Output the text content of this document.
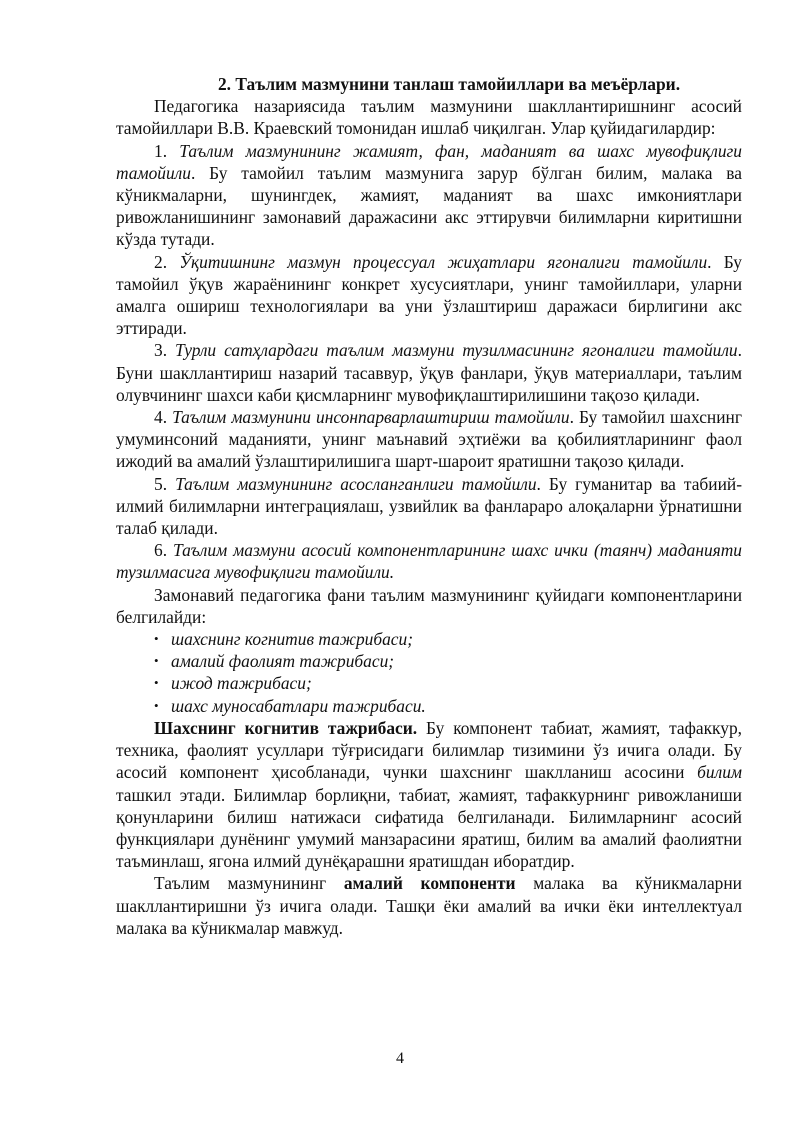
2. Таълим мазмунини танлаш тамойиллари ва меъёрлари.

Педагогика назариясида таълим мазмунини шакллантиришнинг асосий тамойиллари В.В. Краевский томонидан ишлаб чиқилган. Улар қуйидагилардир:

1. Таълим мазмунининг жамият, фан, маданият ва шахс мувофиқлиги тамойили. Бу тамойил таълим мазмунига зарур бўлган билим, малака ва кўникмаларни, шунингдек, жамият, маданият ва шахс имкониятлари ривожланишининг замонавий даражасини акс эттирувчи билимларни киритишни кўзда тутади.

2. Ўқитишнинг мазмун процессуал жиҳатлари ягоналиги тамойили. Бу тамойил ўқув жараёнининг конкрет хусусиятлари, унинг тамойиллари, уларни амалга ошириш технологиялари ва уни ўзлаштириш даражаси бирлигини акс эттиради.

3. Турли сатҳлардаги таълим мазмуни тузилмасининг ягоналиги тамойили. Буни шакллантириш назарий тасаввур, ўқув фанлари, ўқув материаллари, таълим олувчининг шахси каби қисмларнинг мувофиқлаштирилишини тақозо қилади.

4. Таълим мазмунини инсонпарварлаштириш тамойили. Бу тамойил шахснинг умуминсоний маданияти, унинг маънавий эҳтиёжи ва қобилиятларининг фаол ижодий ва амалий ўзлаштирилишига шарт-шароит яратишни тақозо қилади.

5. Таълим мазмунининг асосланганлиги тамойили. Бу гуманитар ва табиий-илмий билимларни интеграциялаш, узвийлик ва фанлараро алоқаларни ўрнатишни талаб қилади.

6. Таълим мазмуни асосий компонентларининг шахс ички (таянч) маданияти тузилмасига мувофиқлиги тамойили.

Замонавий педагогика фани таълим мазмунининг қуйидаги компонентларини белгилайди:

• шахснинг когнитив тажрибаси;
• амалий фаолият тажрибаси;
• ижод тажрибаси;
• шахс муносабатлари тажрибаси.

Шахснинг когнитив тажрибаси. Бу компонент табиат, жамият, тафаккур, техника, фаолият усуллари тўғрисидаги билимлар тизимини ўз ичига олади. Бу асосий компонент ҳисобланади, чунки шахснинг шаклланиш асосини билим ташкил этади. Билимлар борлиқни, табиат, жамият, тафаккурнинг ривожланиши қонунларини билиш натижаси сифатида белгиланади. Билимларнинг асосий функциялари дунёнинг умумий манзарасини яратиш, билим ва амалий фаолиятни таъминлаш, ягона илмий дунёқарашни яратишдан иборатдир.

Таълим мазмунининг амалий компоненти малака ва кўникмаларни шакллантиришни ўз ичига олади. Ташқи ёки амалий ва ички ёки интеллектуал малака ва кўникмалар мавжуд.

4
